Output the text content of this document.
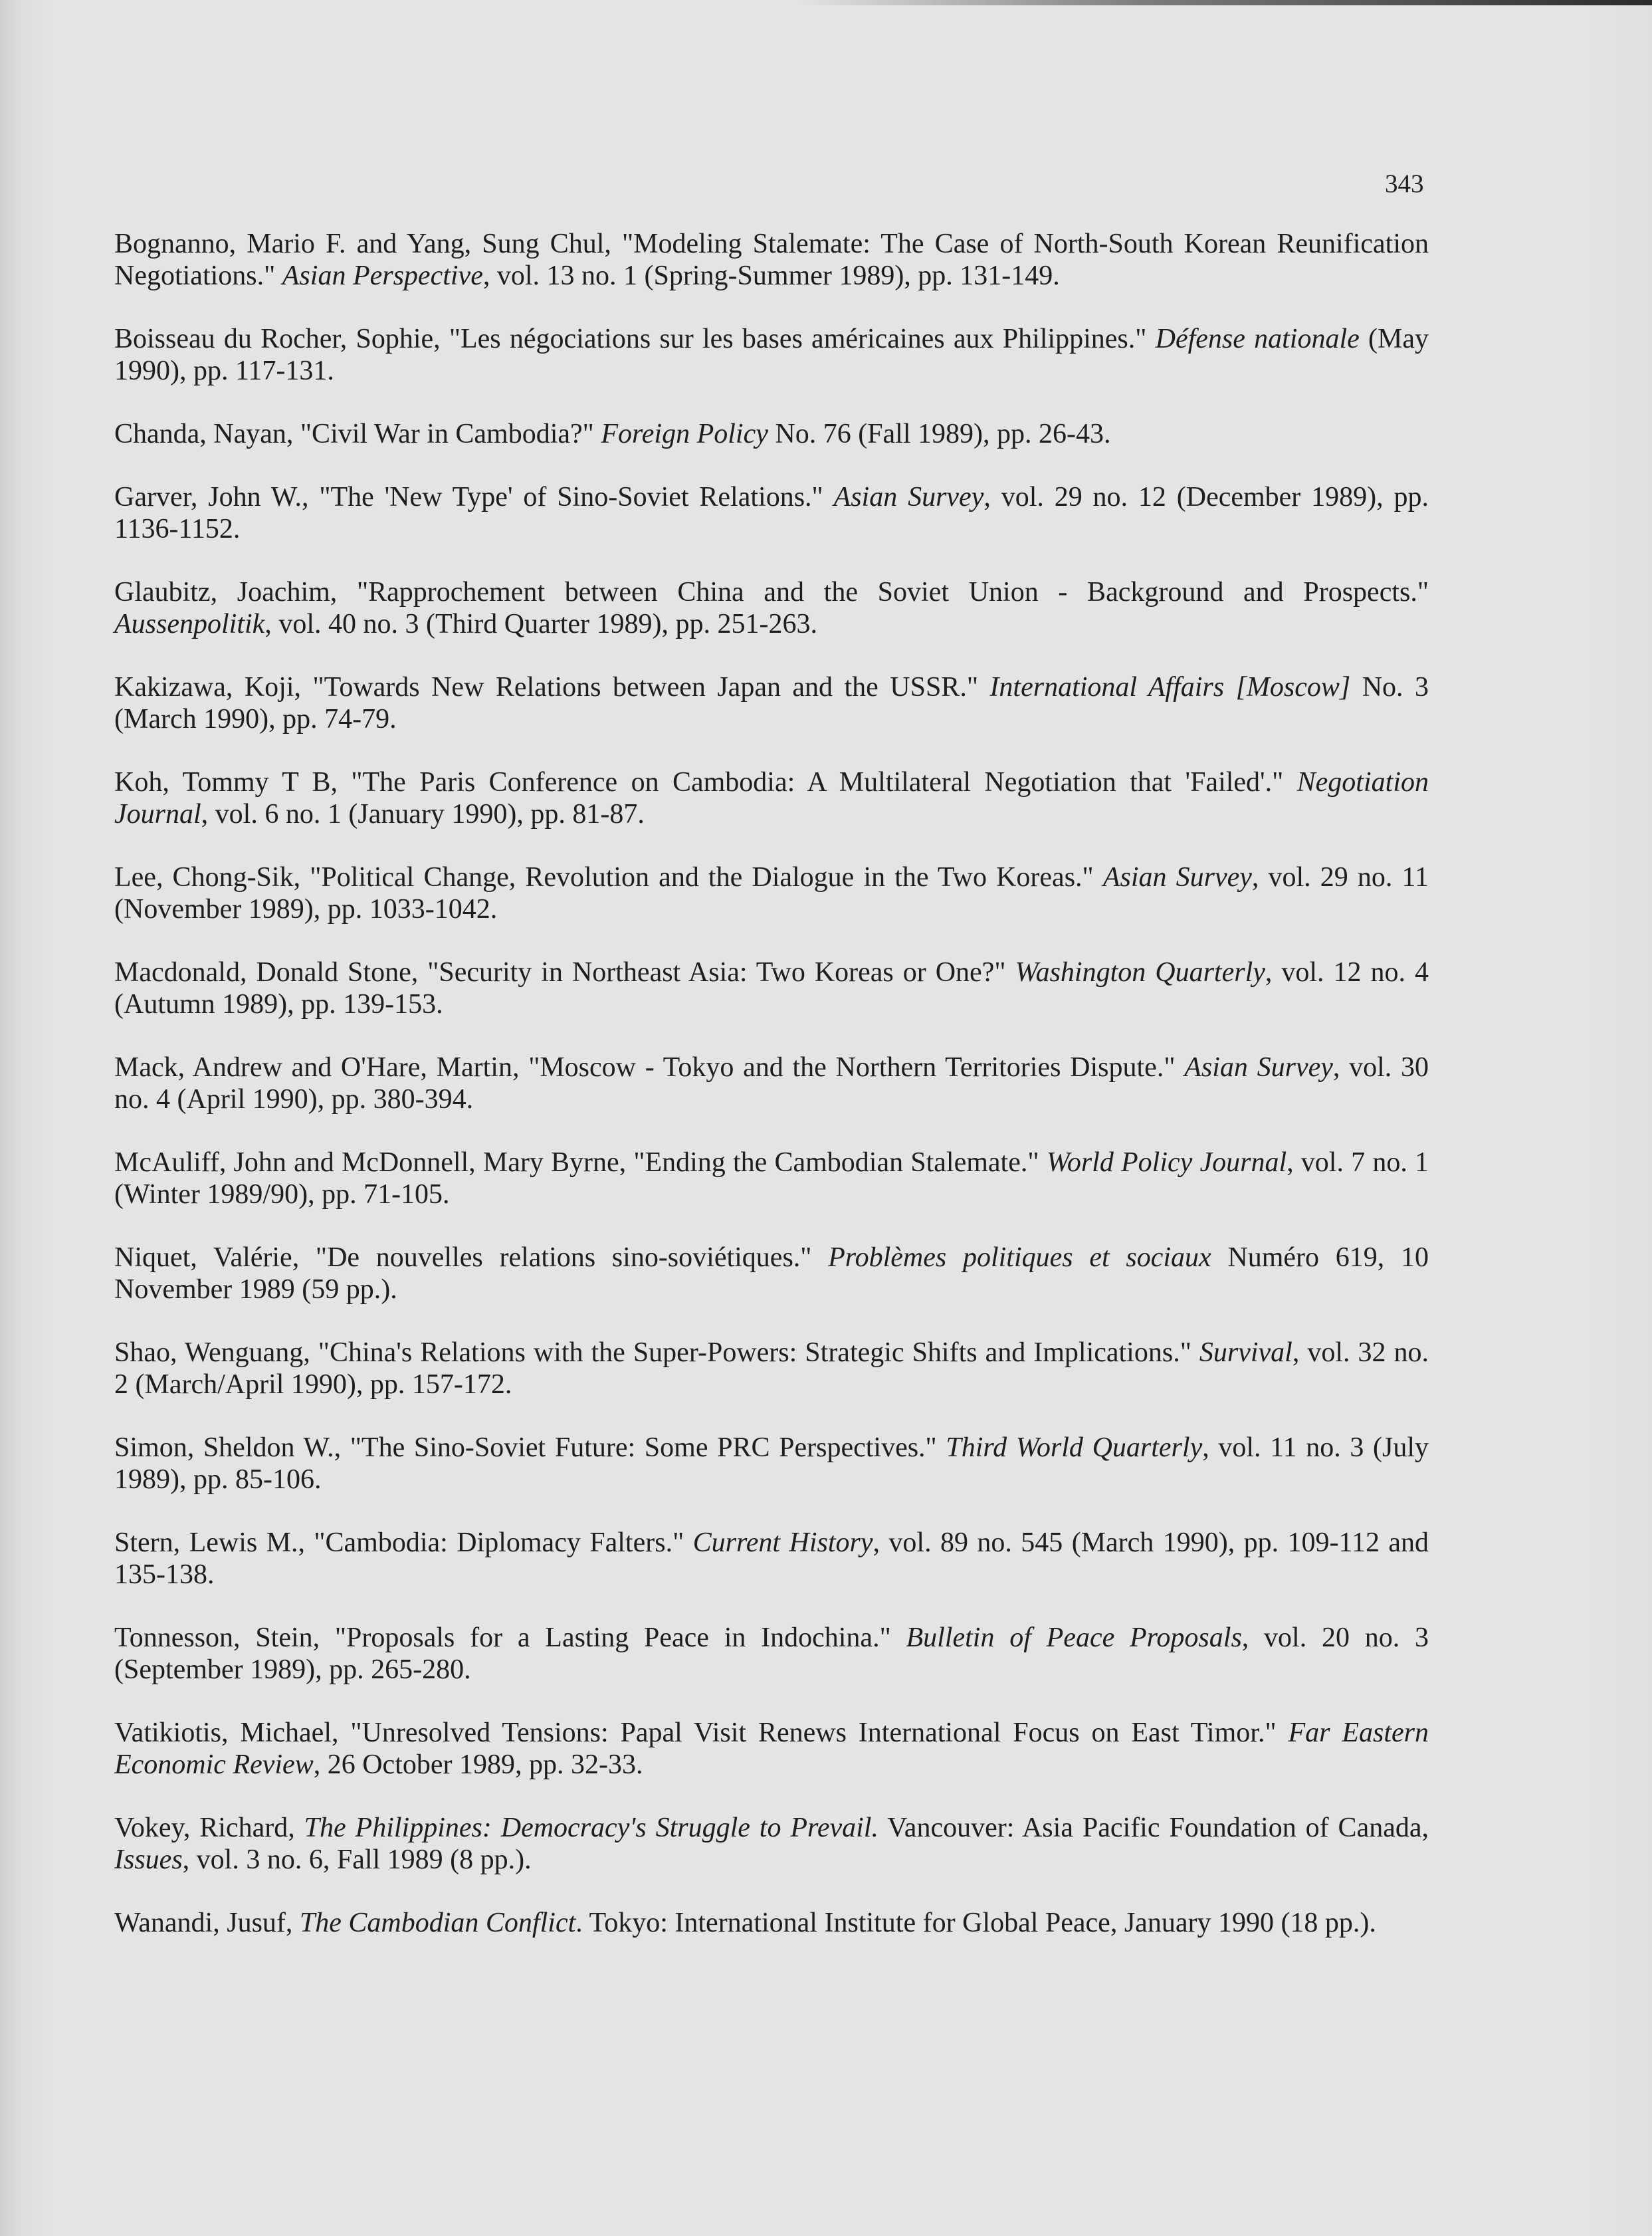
343

Bognanno, Mario F. and Yang, Sung Chul, "Modeling Stalemate: The Case of North-South Korean Reunification Negotiations." Asian Perspective, vol. 13 no. 1 (Spring-Summer 1989), pp. 131-149.

Boisseau du Rocher, Sophie, "Les négociations sur les bases américaines aux Philippines." Défense nationale (May 1990), pp. 117-131.

Chanda, Nayan, "Civil War in Cambodia?" Foreign Policy No. 76 (Fall 1989), pp. 26-43.

Garver, John W., "The 'New Type' of Sino-Soviet Relations." Asian Survey, vol. 29 no. 12 (December 1989), pp. 1136-1152.

Glaubitz, Joachim, "Rapprochement between China and the Soviet Union - Background and Prospects." Aussenpolitik, vol. 40 no. 3 (Third Quarter 1989), pp. 251-263.

Kakizawa, Koji, "Towards New Relations between Japan and the USSR." International Affairs [Moscow] No. 3 (March 1990), pp. 74-79.

Koh, Tommy T B, "The Paris Conference on Cambodia: A Multilateral Negotiation that 'Failed'." Negotiation Journal, vol. 6 no. 1 (January 1990), pp. 81-87.

Lee, Chong-Sik, "Political Change, Revolution and the Dialogue in the Two Koreas." Asian Survey, vol. 29 no. 11 (November 1989), pp. 1033-1042.

Macdonald, Donald Stone, "Security in Northeast Asia: Two Koreas or One?" Washington Quarterly, vol. 12 no. 4 (Autumn 1989), pp. 139-153.

Mack, Andrew and O'Hare, Martin, "Moscow - Tokyo and the Northern Territories Dispute." Asian Survey, vol. 30 no. 4 (April 1990), pp. 380-394.

McAuliff, John and McDonnell, Mary Byrne, "Ending the Cambodian Stalemate." World Policy Journal, vol. 7 no. 1 (Winter 1989/90), pp. 71-105.

Niquet, Valérie, "De nouvelles relations sino-soviétiques." Problèmes politiques et sociaux Numéro 619, 10 November 1989 (59 pp.).

Shao, Wenguang, "China's Relations with the Super-Powers: Strategic Shifts and Implications." Survival, vol. 32 no. 2 (March/April 1990), pp. 157-172.

Simon, Sheldon W., "The Sino-Soviet Future: Some PRC Perspectives." Third World Quarterly, vol. 11 no. 3 (July 1989), pp. 85-106.

Stern, Lewis M., "Cambodia: Diplomacy Falters." Current History, vol. 89 no. 545 (March 1990), pp. 109-112 and 135-138.

Tonnesson, Stein, "Proposals for a Lasting Peace in Indochina." Bulletin of Peace Proposals, vol. 20 no. 3 (September 1989), pp. 265-280.

Vatikiotis, Michael, "Unresolved Tensions: Papal Visit Renews International Focus on East Timor." Far Eastern Economic Review, 26 October 1989, pp. 32-33.

Vokey, Richard, The Philippines: Democracy's Struggle to Prevail. Vancouver: Asia Pacific Foundation of Canada, Issues, vol. 3 no. 6, Fall 1989 (8 pp.).

Wanandi, Jusuf, The Cambodian Conflict. Tokyo: International Institute for Global Peace, January 1990 (18 pp.).
